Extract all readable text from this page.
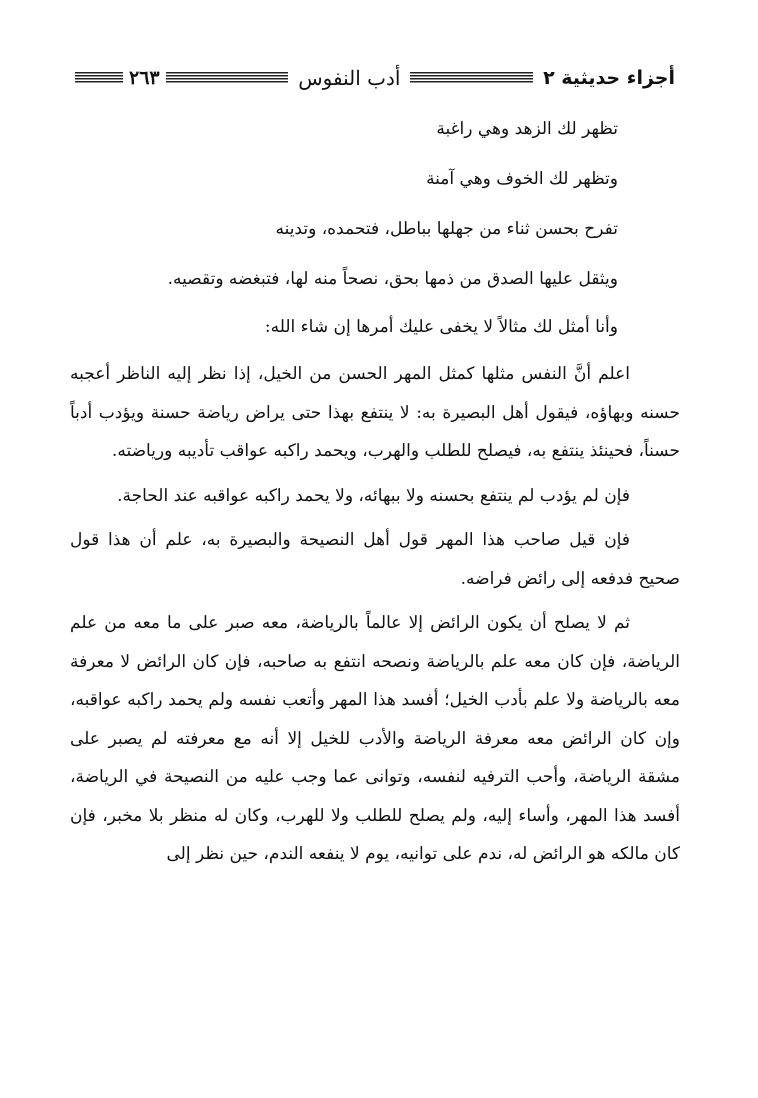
أجزاء حديثية ٢
أدب النفوس
٢٦٣

تظهر لك الزهد وهي راغبة

وتظهر لك الخوف وهي آمنة

تفرح بحسن ثناء من جهلها بباطل، فتحمده، وتدينه

ويثقل عليها الصدق من ذمها بحق، نصحاً منه لها، فتبغضه وتقصيه.

وأنا أمثل لك مثالاً لا يخفى عليك أمرها إن شاء الله:

اعلم أنَّ النفس مثلها كمثل المهر الحسن من الخيل، إذا نظر إليه الناظر أعجبه حسنه وبهاؤه، فيقول أهل البصيرة به: لا ينتفع بهذا حتى يراض رياضة حسنة ويؤدب أدباً حسناً، فحينئذ ينتفع به، فيصلح للطلب والهرب، ويحمد راكبه عواقب تأديبه ورياضته.

فإن لم يؤدب لم ينتفع بحسنه ولا ببهائه، ولا يحمد راكبه عواقبه عند الحاجة.

فإن قيل صاحب هذا المهر قول أهل النصيحة والبصيرة به، علم أن هذا قول صحيح فدفعه إلى رائض فراضه.

ثم لا يصلح أن يكون الرائض إلا عالماً بالرياضة، معه صبر على ما معه من علم الرياضة، فإن كان معه علم بالرياضة ونصحه انتفع به صاحبه، فإن كان الرائض لا معرفة معه بالرياضة ولا علم بأدب الخيل؛ أفسد هذا المهر وأتعب نفسه ولم يحمد راكبه عواقبه، وإن كان الرائض معه معرفة الرياضة والأدب للخيل إلا أنه مع معرفته لم يصبر على مشقة الرياضة، وأحب الترفيه لنفسه، وتوانى عما وجب عليه من النصيحة في الرياضة، أفسد هذا المهر، وأساء إليه، ولم يصلح للطلب ولا للهرب، وكان له منظر بلا مخبر، فإن كان مالكه هو الرائض له، ندم على توانيه، يوم لا ينفعه الندم، حين نظر إلى
